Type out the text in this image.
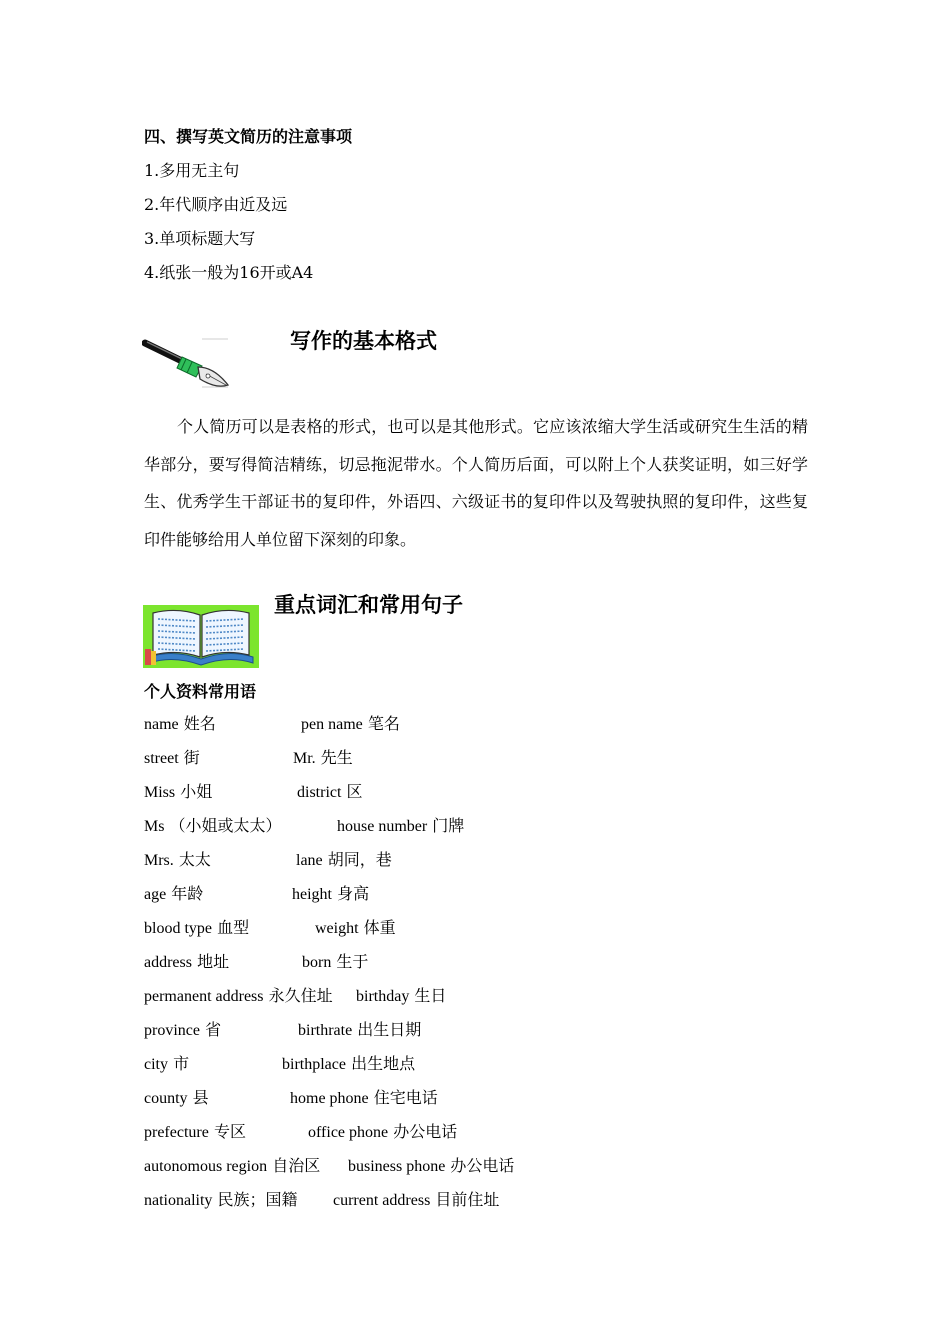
四、撰写英文简历的注意事项
1.多用无主句
2.年代顺序由近及远
3.单项标题大写
4.纸张一般为16开或A4
写作的基本格式

个人简历可以是表格的形式，也可以是其他形式。它应该浓缩大学生活或研究生生活的精华部分，要写得简洁精练，切忌拖泥带水。个人简历后面，可以附上个人获奖证明，如三好学生、优秀学生干部证书的复印件，外语四、六级证书的复印件以及驾驶执照的复印件，这些复印件能够给用人单位留下深刻的印象。

重点词汇和常用句子
个人资料常用语
name 姓名	pen name 笔名
street 街	Mr. 先生
Miss 小姐	district 区
Ms （小姐或太太）	house number 门牌
Mrs. 太太	lane 胡同，巷
age 年龄	height 身高
blood type 血型	weight 体重
address 地址	born 生于
permanent address 永久住址 birthday 生日
province 省	birthrate 出生日期
city 市	birthplace 出生地点
county 县	home phone 住宅电话
prefecture 专区	office phone 办公电话
autonomous region 自治区 business phone 办公电话
nationality 民族；国籍 current address 目前住址
